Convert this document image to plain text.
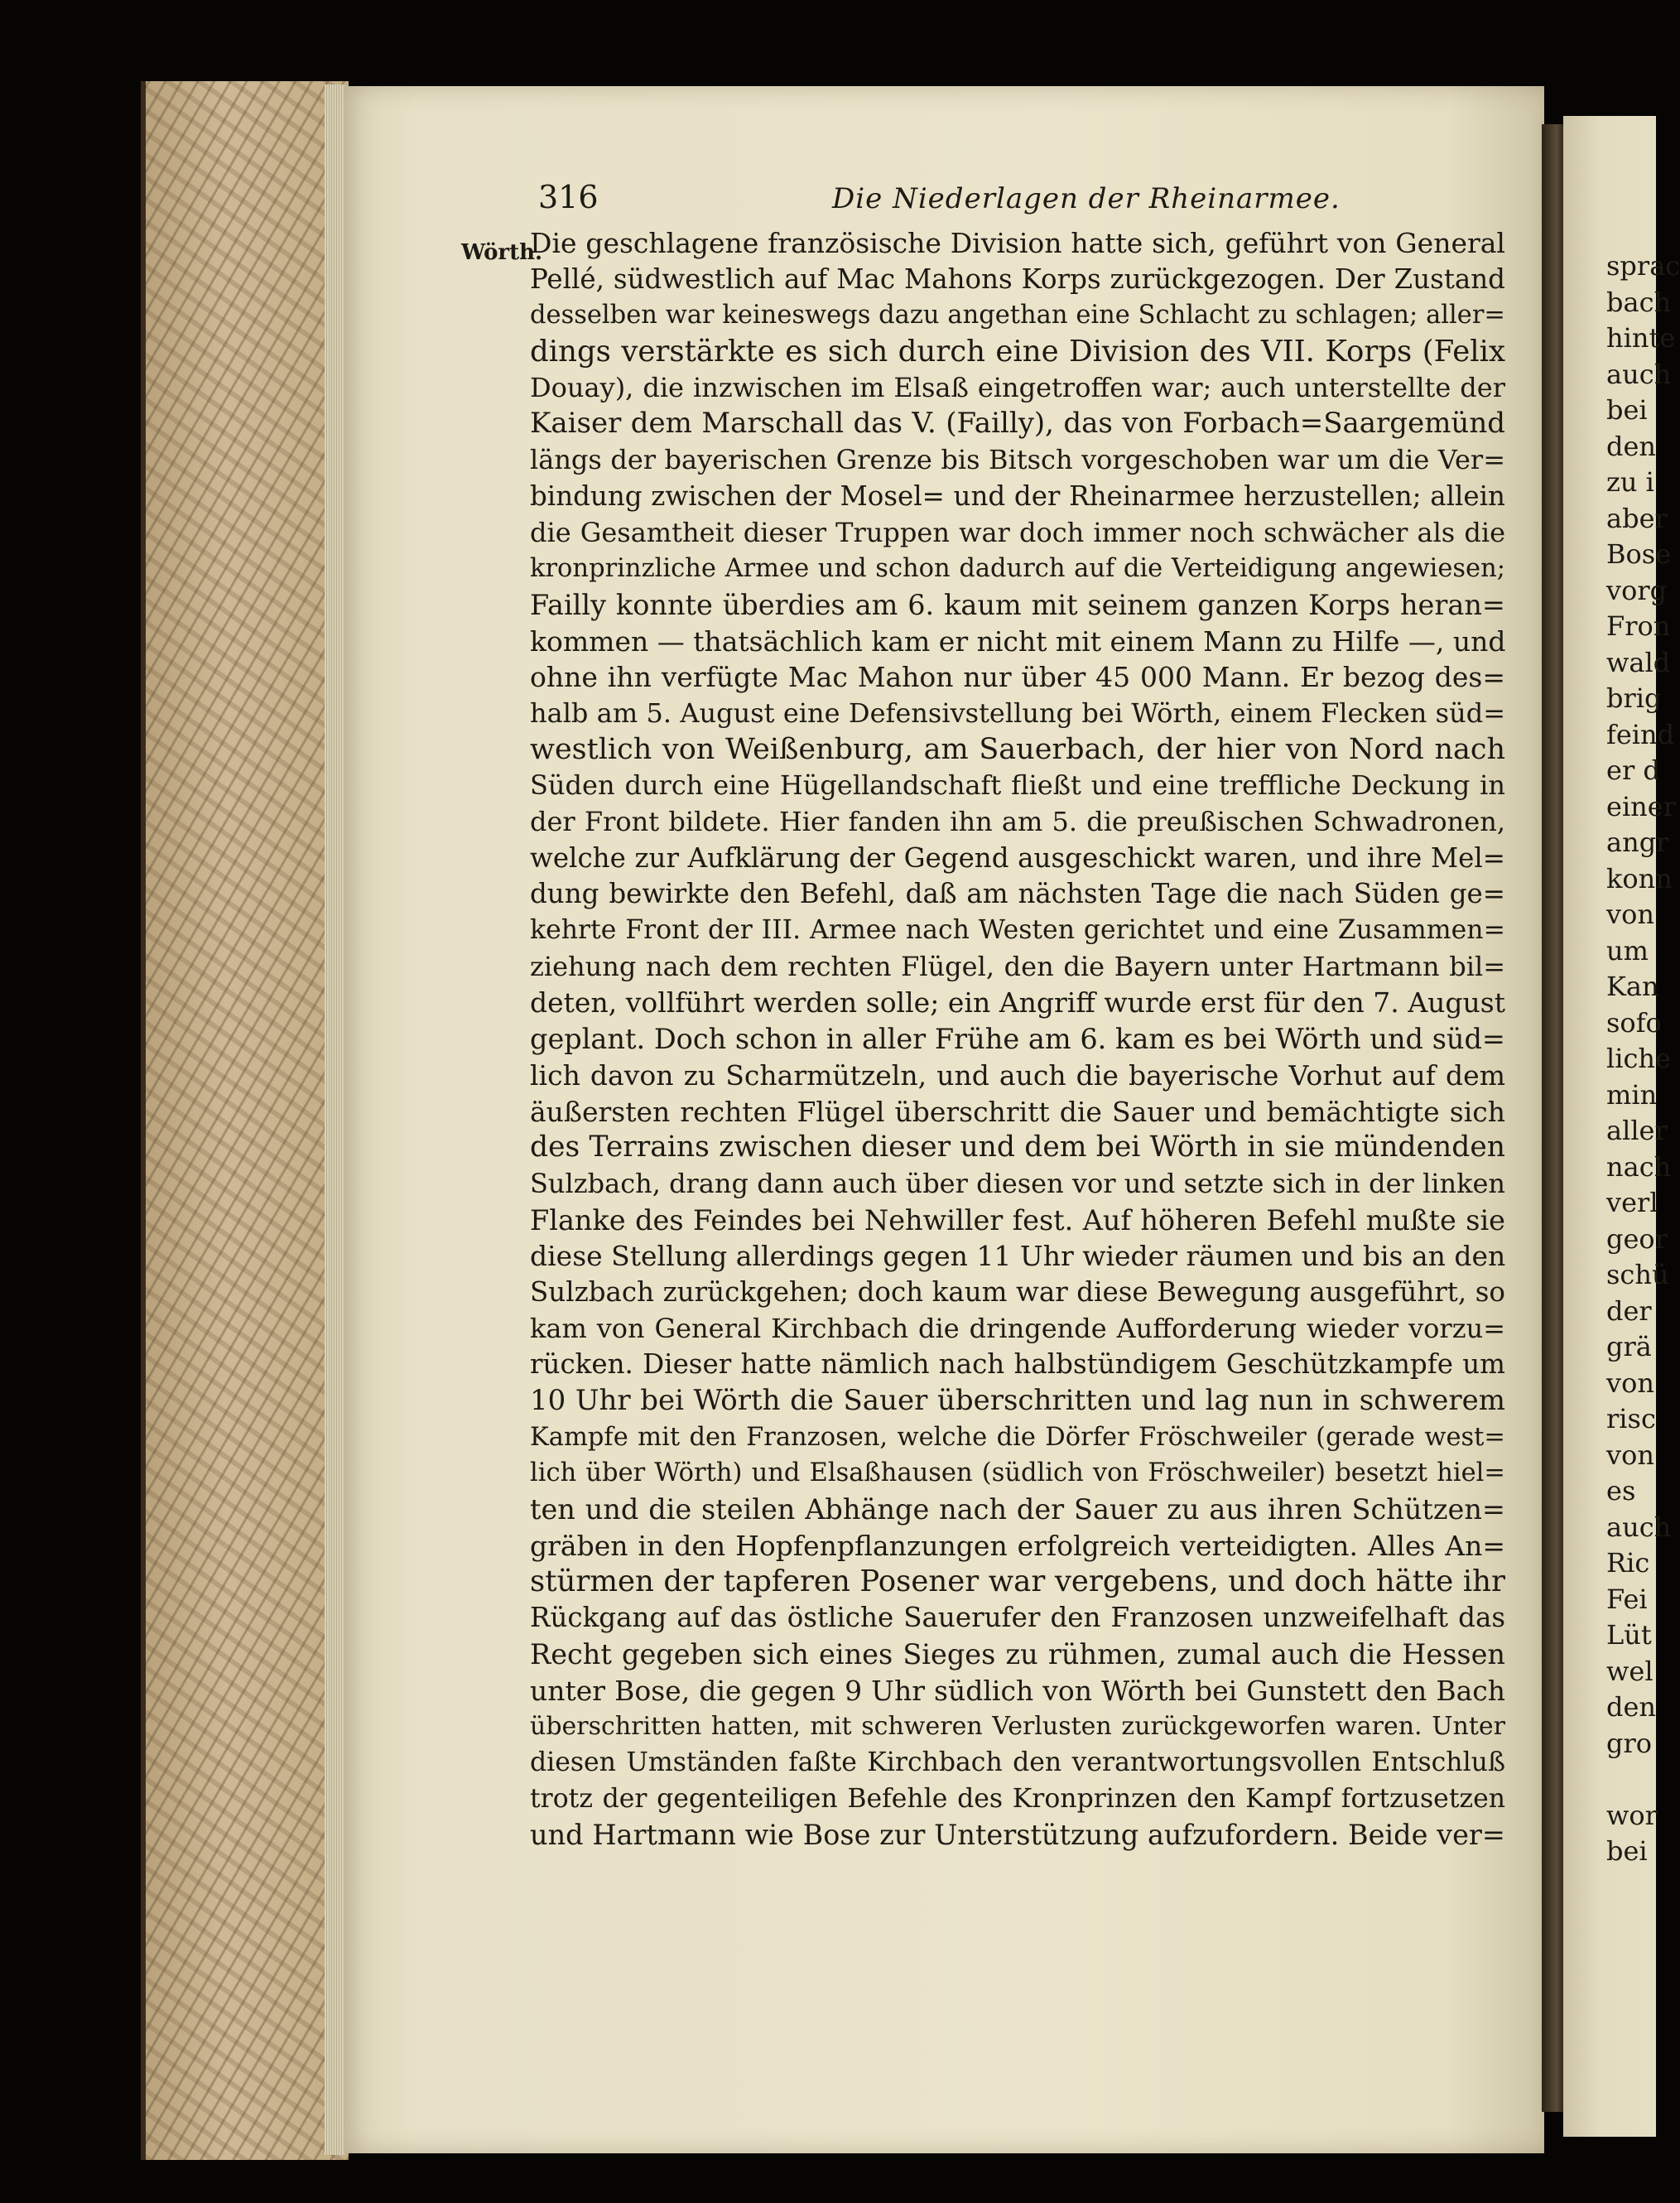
316	Die Niederlagen der Rheinarmee.
Wörth.
Die geschlagene französische Division hatte sich, geführt von General
Pellé, südwestlich auf Mac Mahons Korps zurückgezogen. Der Zustand
desselben war keineswegs dazu angethan eine Schlacht zu schlagen; aller=
dings verstärkte es sich durch eine Division des VII. Korps (Felix
Douay), die inzwischen im Elsaß eingetroffen war; auch unterstellte der
Kaiser dem Marschall das V. (Failly), das von Forbach=Saargemünd
längs der bayerischen Grenze bis Bitsch vorgeschoben war um die Ver=
bindung zwischen der Mosel= und der Rheinarmee herzustellen; allein
die Gesamtheit dieser Truppen war doch immer noch schwächer als die
kronprinzliche Armee und schon dadurch auf die Verteidigung angewiesen;
Failly konnte überdies am 6. kaum mit seinem ganzen Korps heran=
kommen — thatsächlich kam er nicht mit einem Mann zu Hilfe —, und
ohne ihn verfügte Mac Mahon nur über 45 000 Mann. Er bezog des=
halb am 5. August eine Defensivstellung bei Wörth, einem Flecken süd=
westlich von Weißenburg, am Sauerbach, der hier von Nord nach
Süden durch eine Hügellandschaft fließt und eine treffliche Deckung in
der Front bildete. Hier fanden ihn am 5. die preußischen Schwadronen,
welche zur Aufklärung der Gegend ausgeschickt waren, und ihre Mel=
dung bewirkte den Befehl, daß am nächsten Tage die nach Süden ge=
kehrte Front der III. Armee nach Westen gerichtet und eine Zusammen=
ziehung nach dem rechten Flügel, den die Bayern unter Hartmann bil=
deten, vollführt werden solle; ein Angriff wurde erst für den 7. August
geplant. Doch schon in aller Frühe am 6. kam es bei Wörth und süd=
lich davon zu Scharmützeln, und auch die bayerische Vorhut auf dem
äußersten rechten Flügel überschritt die Sauer und bemächtigte sich
des Terrains zwischen dieser und dem bei Wörth in sie mündenden
Sulzbach, drang dann auch über diesen vor und setzte sich in der linken
Flanke des Feindes bei Nehwiller fest. Auf höheren Befehl mußte sie
diese Stellung allerdings gegen 11 Uhr wieder räumen und bis an den
Sulzbach zurückgehen; doch kaum war diese Bewegung ausgeführt, so
kam von General Kirchbach die dringende Aufforderung wieder vorzu=
rücken. Dieser hatte nämlich nach halbstündigem Geschützkampfe um
10 Uhr bei Wörth die Sauer überschritten und lag nun in schwerem
Kampfe mit den Franzosen, welche die Dörfer Fröschweiler (gerade west=
lich über Wörth) und Elsaßhausen (südlich von Fröschweiler) besetzt hiel=
ten und die steilen Abhänge nach der Sauer zu aus ihren Schützen=
gräben in den Hopfenpflanzungen erfolgreich verteidigten. Alles An=
stürmen der tapferen Posener war vergebens, und doch hätte ihr
Rückgang auf das östliche Sauerufer den Franzosen unzweifelhaft das
Recht gegeben sich eines Sieges zu rühmen, zumal auch die Hessen
unter Bose, die gegen 9 Uhr südlich von Wörth bei Gunstett den Bach
überschritten hatten, mit schweren Verlusten zurückgeworfen waren. Unter
diesen Umständen faßte Kirchbach den verantwortungsvollen Entschluß
trotz der gegenteiligen Befehle des Kronprinzen den Kampf fortzusetzen
und Hartmann wie Bose zur Unterstützung aufzufordern. Beide ver=
sprac
bach
hinte
auch
bei
den
zu i
aber
Bose
vorg
Fron
wald
brig
feind
er d
einer
angr
konn
von
um
Kan
sofo
liche
min
aller
nach
verl
geor
schü
der
grä
von
risc
von
es
auch
Ric
Fei
Lüt
wel
den
gro
wor
bei
